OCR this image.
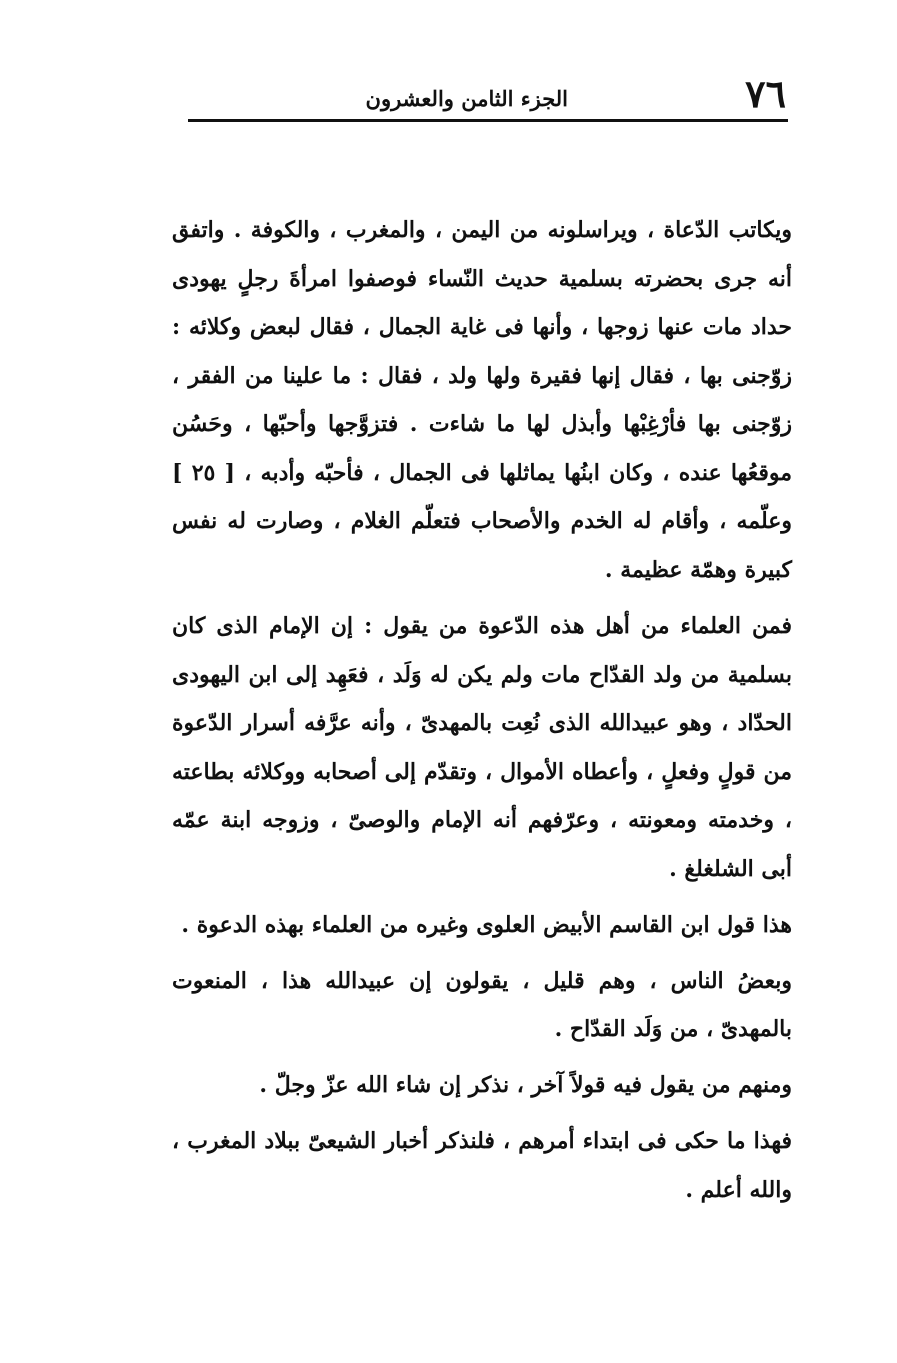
٧٦
الجزء الثامن والعشرون

ويكاتب الدّعاة ، ويراسلونه من اليمن ، والمغرب ، والكوفة . واتفق أنه جرى بحضرته بسلمية حديث النّساء فوصفوا امرأةَ رجلٍ يهودى حداد مات عنها زوجها ، وأنها فى غاية الجمال ، فقال لبعض وكلائه : زوّجنى بها ، فقال إنها فقيرة ولها ولد ، فقال : ما علينا من الفقر ، زوّجنى بها فأرْغِبْها وأبذل لها ما شاءت . فتزوَّجها وأحبّها ، وحَسُن موقعُها عنده ، وكان ابنُها يماثلها فى الجمال ، فأحبّه وأدبه ، [ ٢٥ ] وعلّمه ، وأقام له الخدم والأصحاب فتعلّم الغلام ، وصارت له نفس كبيرة وهمّة عظيمة .

فمن العلماء من أهل هذه الدّعوة من يقول : إن الإمام الذى كان بسلمية من ولد القدّاح مات ولم يكن له وَلَد ، فعَهِد إلى ابن اليهودى الحدّاد ، وهو عبيدالله الذى نُعِت بالمهدىّ ، وأنه عرَّفه أسرار الدّعوة من قولٍ وفعلٍ ، وأعطاه الأموال ، وتقدّم إلى أصحابه ووكلائه بطاعته ، وخدمته ومعونته ، وعرّفهم أنه الإمام والوصىّ ، وزوجه ابنة عمّه أبى الشلغلغ .

هذا قول ابن القاسم الأبيض العلوى وغيره من العلماء بهذه الدعوة .

وبعضُ الناس ، وهم قليل ، يقولون إن عبيدالله هذا ، المنعوت بالمهدىّ ، من وَلَد القدّاح .

ومنهم من يقول فيه قولاً آخر ، نذكر إن شاء الله عزّ وجلّ .

فهذا ما حكى فى ابتداء أمرهم ، فلنذكر أخبار الشيعىّ ببلاد المغرب ، والله أعلم .
